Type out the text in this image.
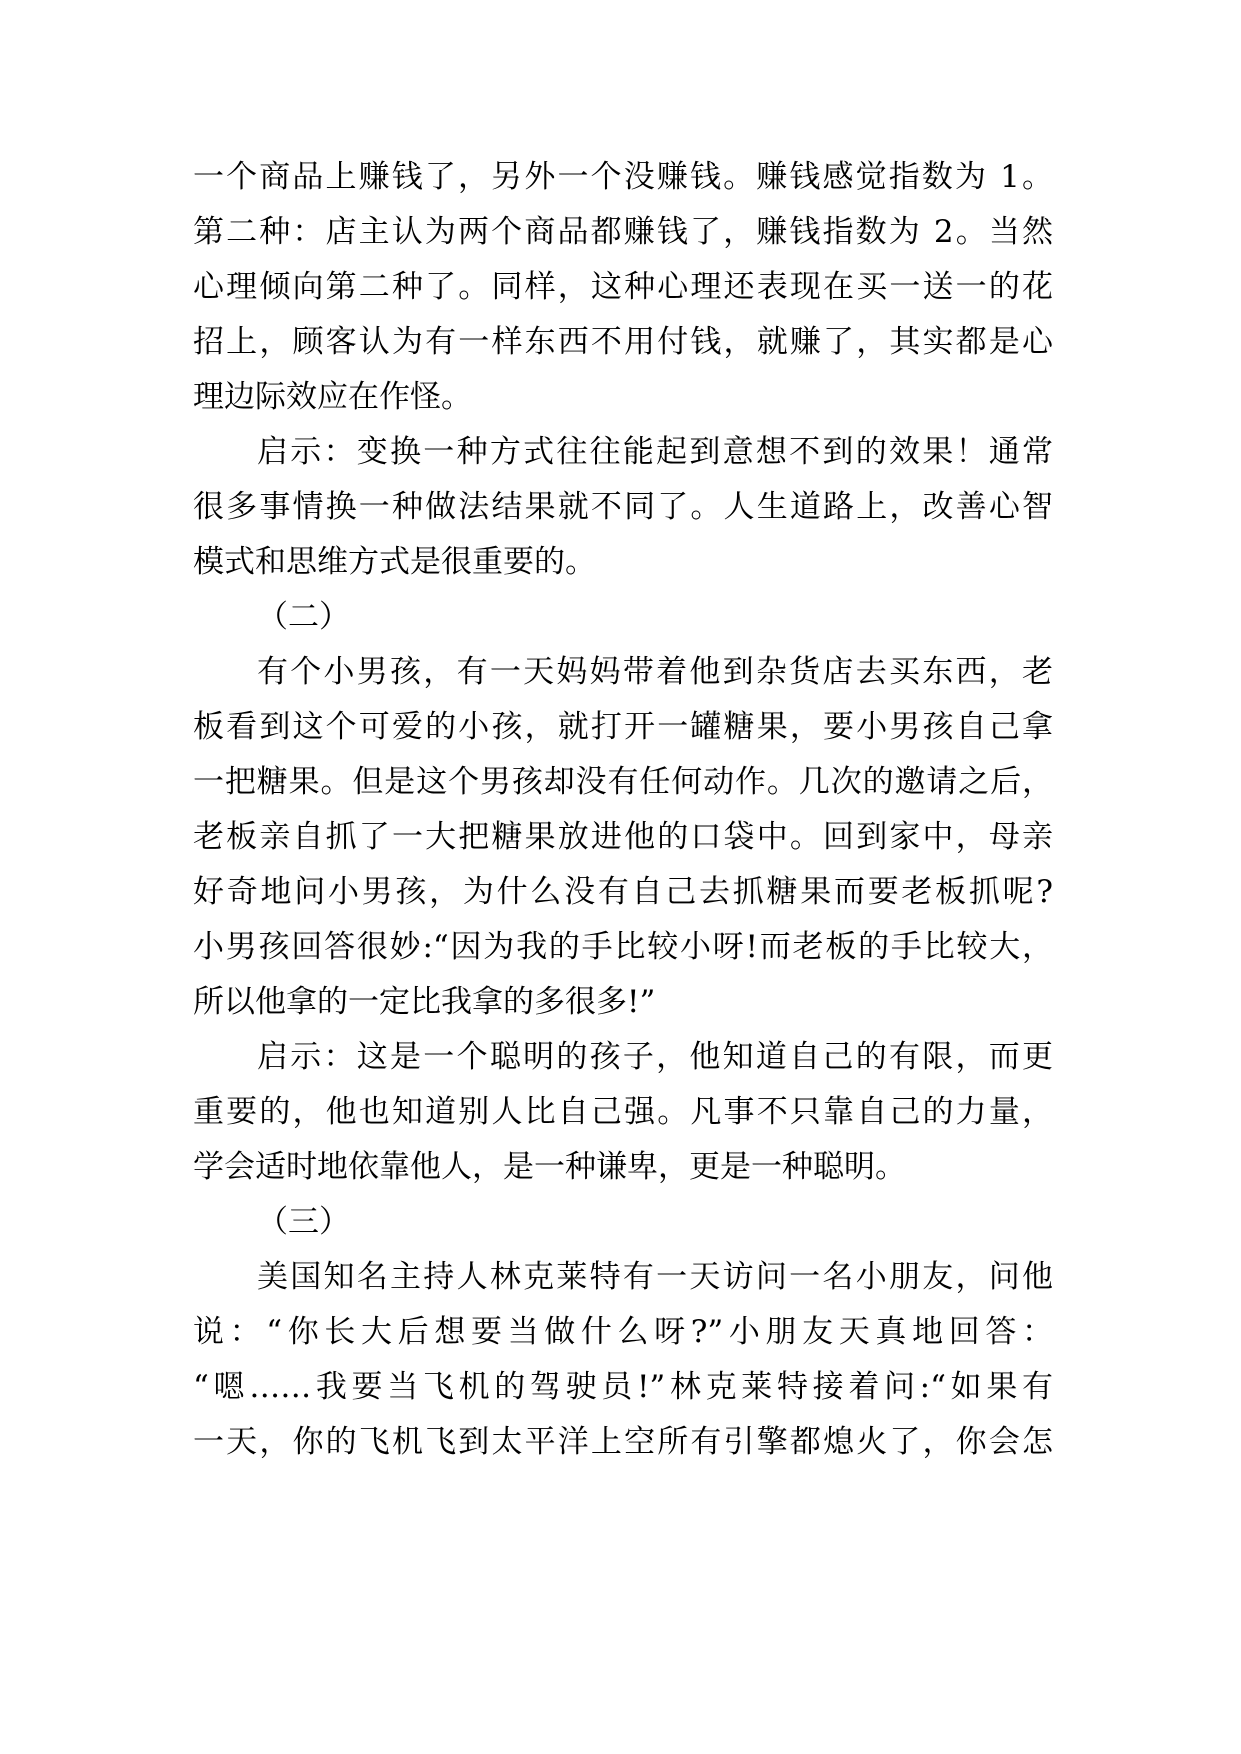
一个商品上赚钱了，另外一个没赚钱。赚钱感觉指数为 1。
第二种：店主认为两个商品都赚钱了，赚钱指数为 2。当然
心理倾向第二种了。同样，这种心理还表现在买一送一的花
招上，顾客认为有一样东西不用付钱，就赚了，其实都是心
理边际效应在作怪。
启示：变换一种方式往往能起到意想不到的效果！通常
很多事情换一种做法结果就不同了。人生道路上，改善心智
模式和思维方式是很重要的。
（二）
有个小男孩，有一天妈妈带着他到杂货店去买东西，老
板看到这个可爱的小孩，就打开一罐糖果，要小男孩自己拿
一把糖果。但是这个男孩却没有任何动作。几次的邀请之后，
老板亲自抓了一大把糖果放进他的口袋中。回到家中，母亲
好奇地问小男孩，为什么没有自己去抓糖果而要老板抓呢?
小男孩回答很妙:“因为我的手比较小呀!而老板的手比较大，
所以他拿的一定比我拿的多很多!”
启示：这是一个聪明的孩子，他知道自己的有限，而更
重要的，他也知道别人比自己强。凡事不只靠自己的力量，
学会适时地依靠他人，是一种谦卑，更是一种聪明。
（三）
美国知名主持人林克莱特有一天访问一名小朋友，问他
说：“你长大后想要当做什么呀?”小朋友天真地回答：
“嗯……我要当飞机的驾驶员!”林克莱特接着问:“如果有
一天，你的飞机飞到太平洋上空所有引擎都熄火了，你会怎
